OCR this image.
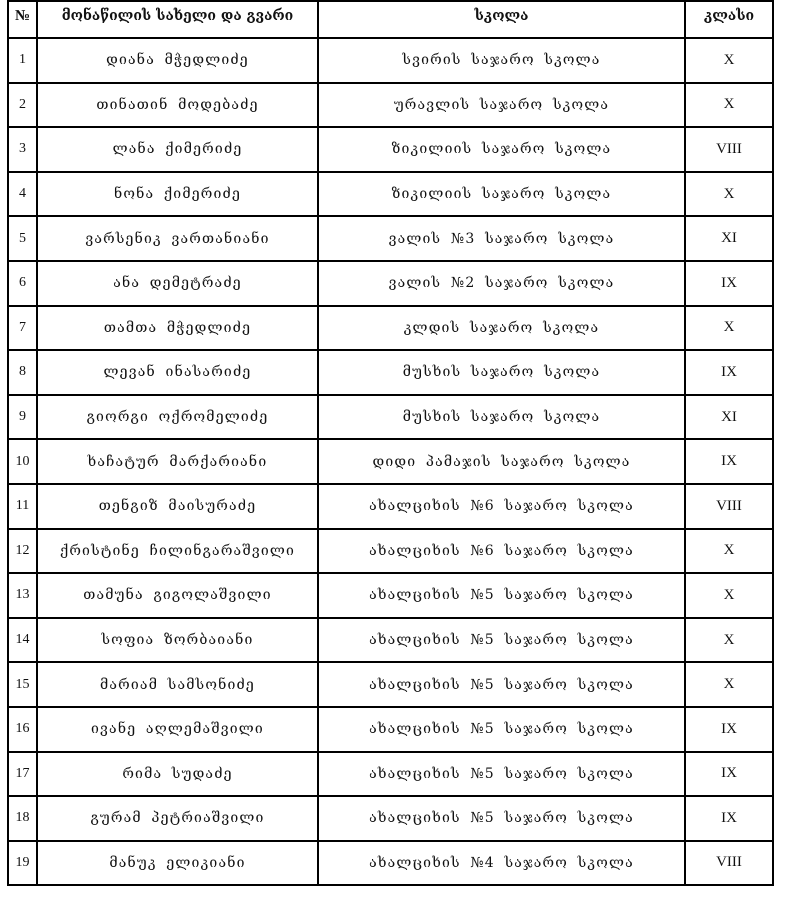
№	მონაწილის სახელი და გვარი	სკოლა	კლასი
1	დიანა მჭედლიძე	სვირის საჯარო სკოლა	X
2	თინათინ მოდებაძე	ურავლის საჯარო სკოლა	X
3	ლანა ქიმერიძე	ზიკილიის საჯარო სკოლა	VIII
4	ნონა ქიმერიძე	ზიკილიის საჯარო სკოლა	X
5	ვარსენიკ ვართანიანი	ვალის №3 საჯარო სკოლა	XI
6	ანა დემეტრაძე	ვალის №2 საჯარო სკოლა	IX
7	თამთა მჭედლიძე	კლდის საჯარო სკოლა	X
8	ლევან ინასარიძე	მუსხის საჯარო სკოლა	IX
9	გიორგი ოქრომელიძე	მუსხის საჯარო სკოლა	XI
10	ხაჩატურ მარქარიანი	დიდი პამაჯის საჯარო სკოლა	IX
11	თენგიზ მაისურაძე	ახალციხის №6 საჯარო სკოლა	VIII
12	ქრისტინე ჩილინგარაშვილი	ახალციხის №6 საჯარო სკოლა	X
13	თამუნა გიგოლაშვილი	ახალციხის №5 საჯარო სკოლა	X
14	სოფია ზორბაიანი	ახალციხის №5 საჯარო სკოლა	X
15	მარიამ სამსონიძე	ახალციხის №5 საჯარო სკოლა	X
16	ივანე აღლემაშვილი	ახალციხის №5 საჯარო სკოლა	IX
17	რიმა სუდაძე	ახალციხის №5 საჯარო სკოლა	IX
18	გურამ პეტრიაშვილი	ახალციხის №5 საჯარო სკოლა	IX
19	მანუკ ელიკიანი	ახალციხის №4 საჯარო სკოლა	VIII
